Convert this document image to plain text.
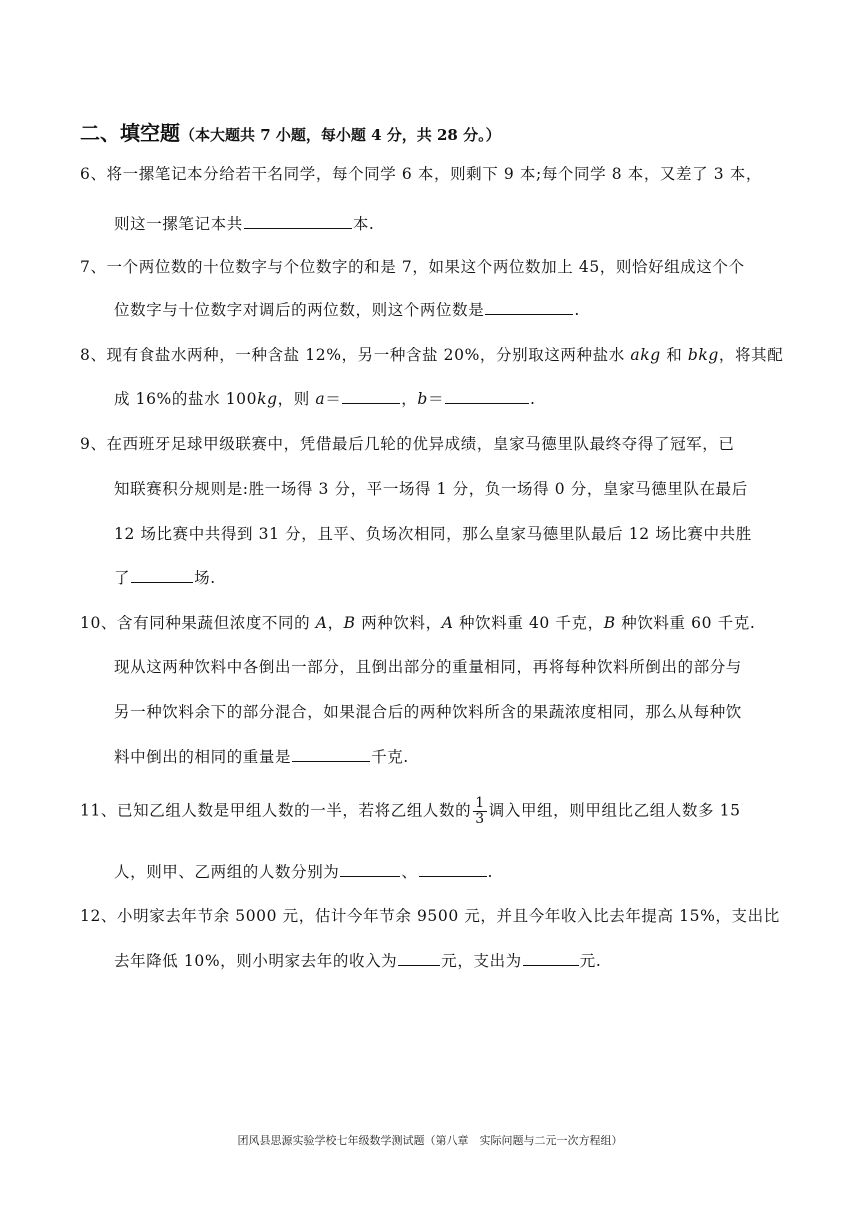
二、填空题（本大题共 7 小题，每小题 4 分，共 28 分。）
6、将一摞笔记本分给若干名同学，每个同学 6 本，则剩下 9 本;每个同学 8 本，又差了 3 本，
则这一摞笔记本共	本.
7、一个两位数的十位数字与个位数字的和是 7，如果这个两位数加上 45，则恰好组成这个个
位数字与十位数字对调后的两位数，则这个两位数是	.
8、现有食盐水两种，一种含盐 12%，另一种含盐 20%，分别取这两种盐水 akg 和 bkg，将其配
成 16%的盐水 100kg，则 a＝	，b＝	.
9、在西班牙足球甲级联赛中，凭借最后几轮的优异成绩，皇家马德里队最终夺得了冠军，已
知联赛积分规则是:胜一场得 3 分，平一场得 1 分，负一场得 0 分，皇家马德里队在最后
12 场比赛中共得到 31 分，且平、负场次相同，那么皇家马德里队最后 12 场比赛中共胜
了	场.
10、含有同种果蔬但浓度不同的 A，B 两种饮料，A 种饮料重 40 千克，B 种饮料重 60 千克.
现从这两种饮料中各倒出一部分，且倒出部分的重量相同，再将每种饮料所倒出的部分与
另一种饮料余下的部分混合，如果混合后的两种饮料所含的果蔬浓度相同，那么从每种饮
料中倒出的相同的重量是	千克.
11、已知乙组人数是甲组人数的一半，若将乙组人数的 $\frac{1}{3}$ 调入甲组，则甲组比乙组人数多 15
人，则甲、乙两组的人数分别为	、	.
12、小明家去年节余 5000 元，估计今年节余 9500 元，并且今年收入比去年提高 15%，支出比
去年降低 10%，则小明家去年的收入为	元，支出为	元.
团风县思源实验学校七年级数学测试题（第八章　实际问题与二元一次方程组）
